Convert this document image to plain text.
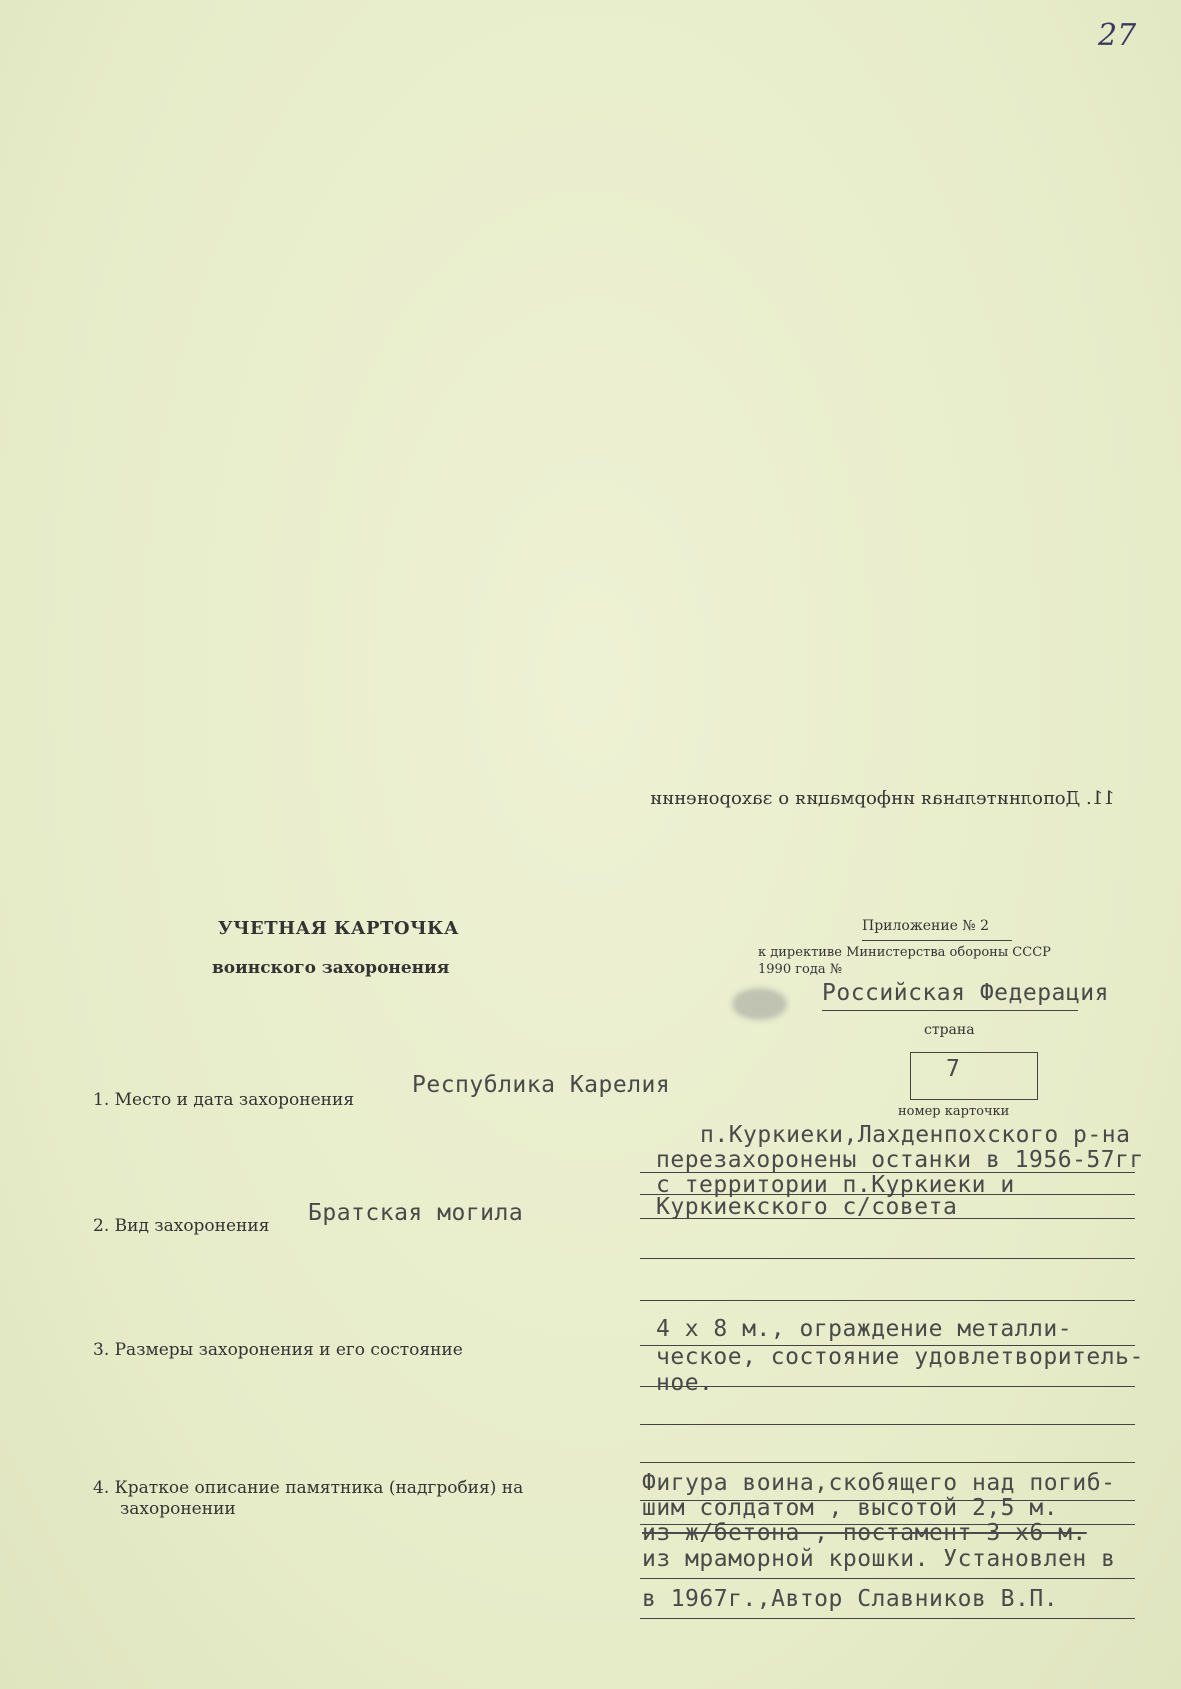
27
11. Дополнительная информация о захоронении
УЧЕТНАЯ КАРТОЧКА
воинского захоронения
Приложение № 2
к директиве Министерства обороны СССР
1990 года №
Российская Федерация
страна
7
номер карточки
1. Место и дата захоронения
Республика Карелия
п.Куркиеки,Лахденпохского р-на
перезахоронены останки в 1956-57гг
с территории п.Куркиеки и
Куркиекского с/совета
2. Вид захоронения Братская могила
3. Размеры захоронения и его состояние
4 х 8 м., ограждение металли-
ческое, состояние удовлетворитель-
ное.
4. Краткое описание памятника (надгробия) на
захоронении
Фигура воина,скобящего над погиб-
шим солдатом , высотой 2,5 м.
из ж/бетона , постамент 3 х6 м.
из мраморной крошки. Установлен в
в 1967г.,Автор Славников В.П.
